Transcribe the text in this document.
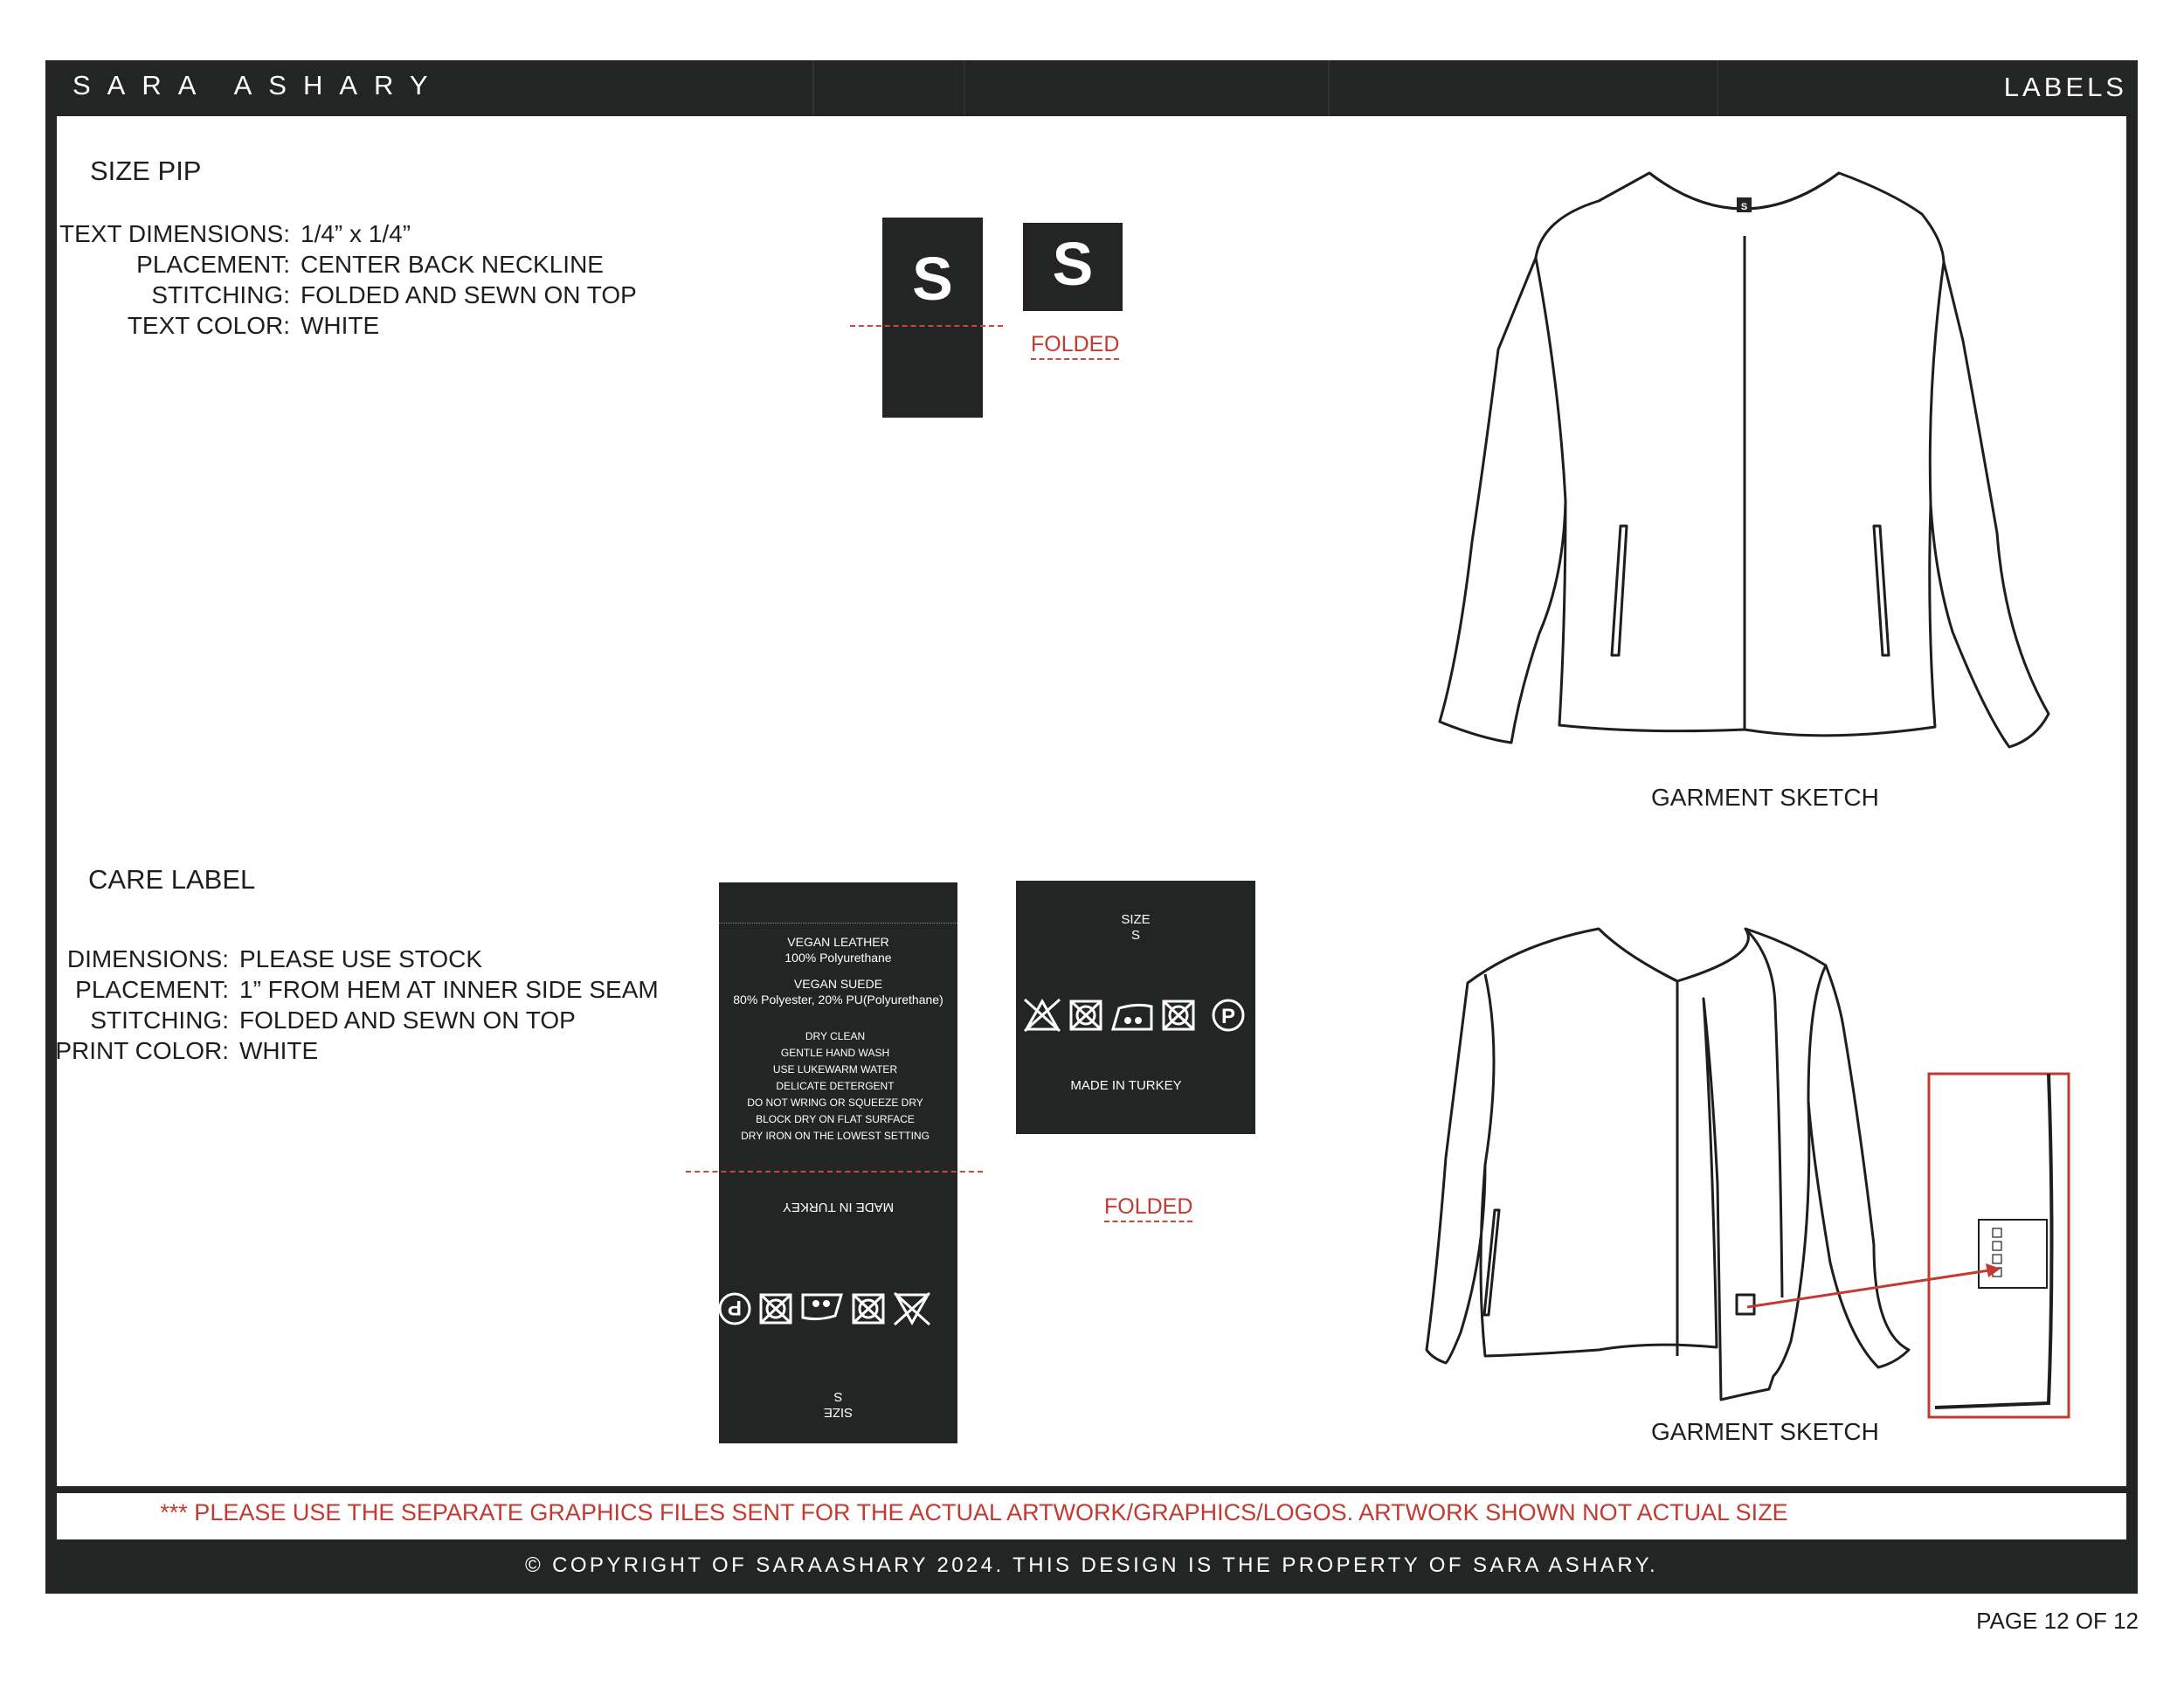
SARA ASHARY	LABELS
SIZE PIP
TEXT DIMENSIONS: 1/4” x 1/4”
PLACEMENT: CENTER BACK NECKLINE
STITCHING: FOLDED AND SEWN ON TOP
TEXT COLOR: WHITE
S	S
FOLDED
CARE LABEL
DIMENSIONS: PLEASE USE STOCK
PLACEMENT: 1” FROM HEM AT INNER SIDE SEAM
STITCHING: FOLDED AND SEWN ON TOP
PRINT COLOR: WHITE
VEGAN LEATHER
100% Polyurethane
VEGAN SUEDE
80% Polyester, 20% PU(Polyurethane)
DRY CLEAN
GENTLE HAND WASH
USE LUKEWARM WATER
DELICATE DETERGENT
DO NOT WRING OR SQUEEZE DRY
BLOCK DRY ON FLAT SURFACE
DRY IRON ON THE LOWEST SETTING
SIZE
S
P
MADE IN TURKEY
SIZE
S
P
MADE IN TURKEY
FOLDED
S
GARMENT SKETCH
GARMENT SKETCH
*** PLEASE USE THE SEPARATE GRAPHICS FILES SENT FOR THE ACTUAL ARTWORK/GRAPHICS/LOGOS. ARTWORK SHOWN NOT ACTUAL SIZE
© COPYRIGHT OF SARAASHARY 2024. THIS DESIGN IS THE PROPERTY OF SARA ASHARY.
PAGE 12 OF 12
